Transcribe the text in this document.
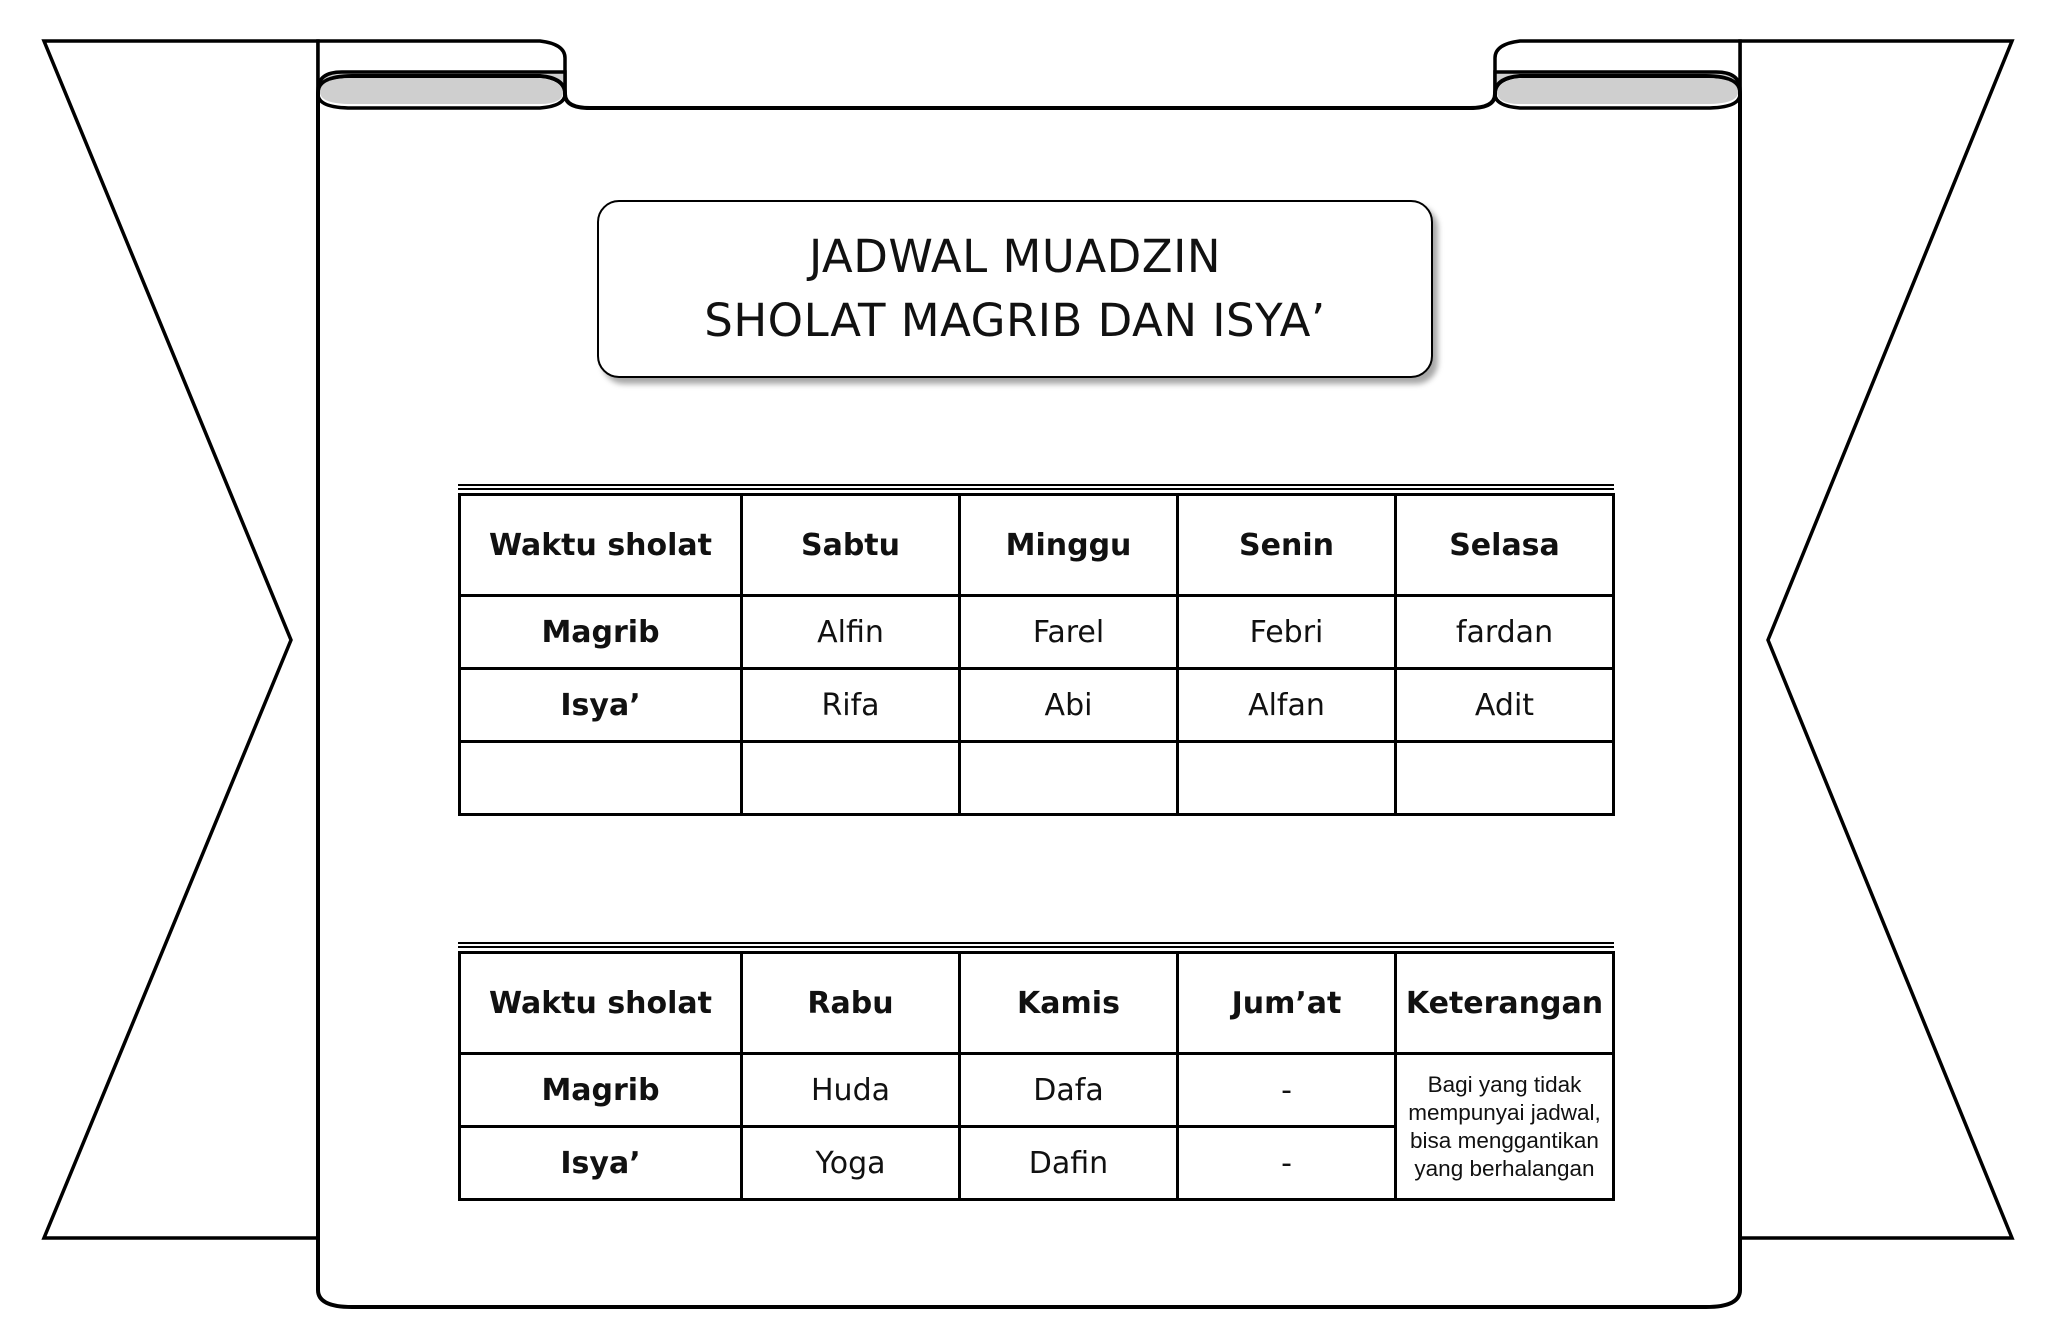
JADWAL MUADZIN
SHOLAT MAGRIB DAN ISYA’
Waktu sholat	Sabtu	Minggu	Senin	Selasa
Magrib	Alfin	Farel	Febri	fardan
Isya’	Rifa	Abi	Alfan	Adit

Waktu sholat	Rabu	Kamis	Jum’at	Keterangan
Magrib	Huda	Dafa	-	Bagi yang tidak mempunyai jadwal, bisa menggantikan yang berhalangan
Isya’	Yoga	Dafin	-	
